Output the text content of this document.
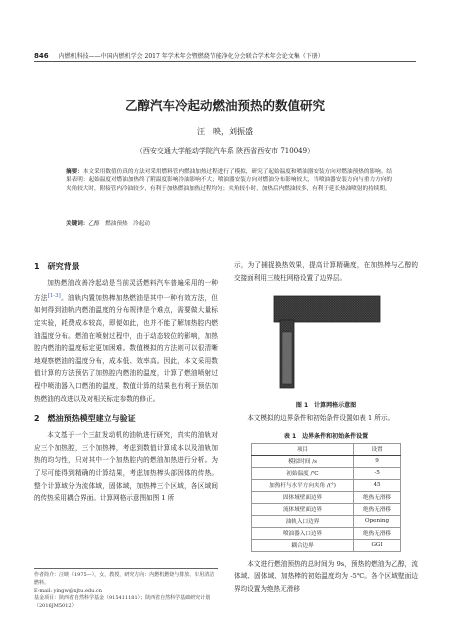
846 内燃机科技——中国内燃机学会 2017 年学术年会暨燃烧节能净化分会联合学术年会论文集（下册）
乙醇汽车冷起动燃油预热的数值研究
汪　映，刘振盛
（西安交通大学能动学院汽车系 陕西省西安市 710049）
摘要：本文采用数值仿真的方法对采用燃料管内燃油加热过程进行了模拟，研究了起始温度和喷油器安装方向对燃油预热的影响。结果表明：起始温度对燃油加热终了附温度影响冷油影响不大；喷油器安装方向对燃油分布影响较大，当喷油器安装方向与重力方向的夹角较大时，附接管内冷油较少，有利于加热燃油加热过程均匀；夹角较小时，加热后内燃油较多，有利于延长热油喷射的持续期。
关键词：乙醇　燃油预热　冷起动
1　研究背景

加热燃油改善冷起动是当前灵活燃料汽车普遍采用的一种方法[1-3]。油轨内置加热棒加热燃油是其中一种有效方法，但如何得到油轨内燃油温度的分布规律是个难点，需要做大量标定实验，耗费成本较高，即便如此，也并不能了解加热腔内燃油温度分布。燃油在喷射过程中，由于动态较位的影响，加热腔内燃油的温度标定更加困难。数值模拟的方法则可以很清晰地观察燃油的温度分布，成本低、效率高。因此，本文采用数值计算的方法预估了加热腔内燃油的温度，计算了燃油喷射过程中喷油器入口燃油的温度，数值计算的结果也有利于预估加热燃油的改进以及对相关标定参数的修正。

2　燃油预热模型建立与验证

本文基于一个三缸发动机的油轨进行研究，真实的油轨对应三个加热腔，三个加热棒，考虑到数值计算成本以及油轨加热的均匀性，只对其中一个加热腔内的燃油加热进行分析。为了尽可能得到精确的计算结果，考虑加热棒头部因体的传热。整个计算域分为流体域，固体域，加热棒三个区域，各区域间的传热采用耦合界面。计算网格示意图如图 1 所

示，为了捕捉换热效果，提高计算精确度，在加热棒与乙醇的交接面利用三棱柱网格设置了边界层。

图 1　计算网格示意图

本文模拟的边界条件和初始条件设置如表 1 所示。

表 1　边界条件和初始条件设置
项目	设置
模拟时间 /s	9
初始温度 /℃	-5
加热杆与水平方向夹角 /(°)	45
固体域壁面边界	绝热无滑移
流体域壁面边界	绝热无滑移
油轨入口边界	Opening
喷油器入口边界	绝热无滑移
耦合边界	GGI

本文进行燃油预热的总时间为 9s，预热的燃油为乙醇，流体域、固体域、加热棒的初始温度均为 -5℃。各个区域壁面边界均设置为绝热无滑移

作者简介：汪映（1975—），女，教授，研究方向：内燃机燃烧与排放、车用清洁燃料。
E-mail: yingw@xjtu.edu.cn
基金项目：陕西省自然科学基金（915411181）；陕西省自然科学基础研究计划（2016JM5012）
